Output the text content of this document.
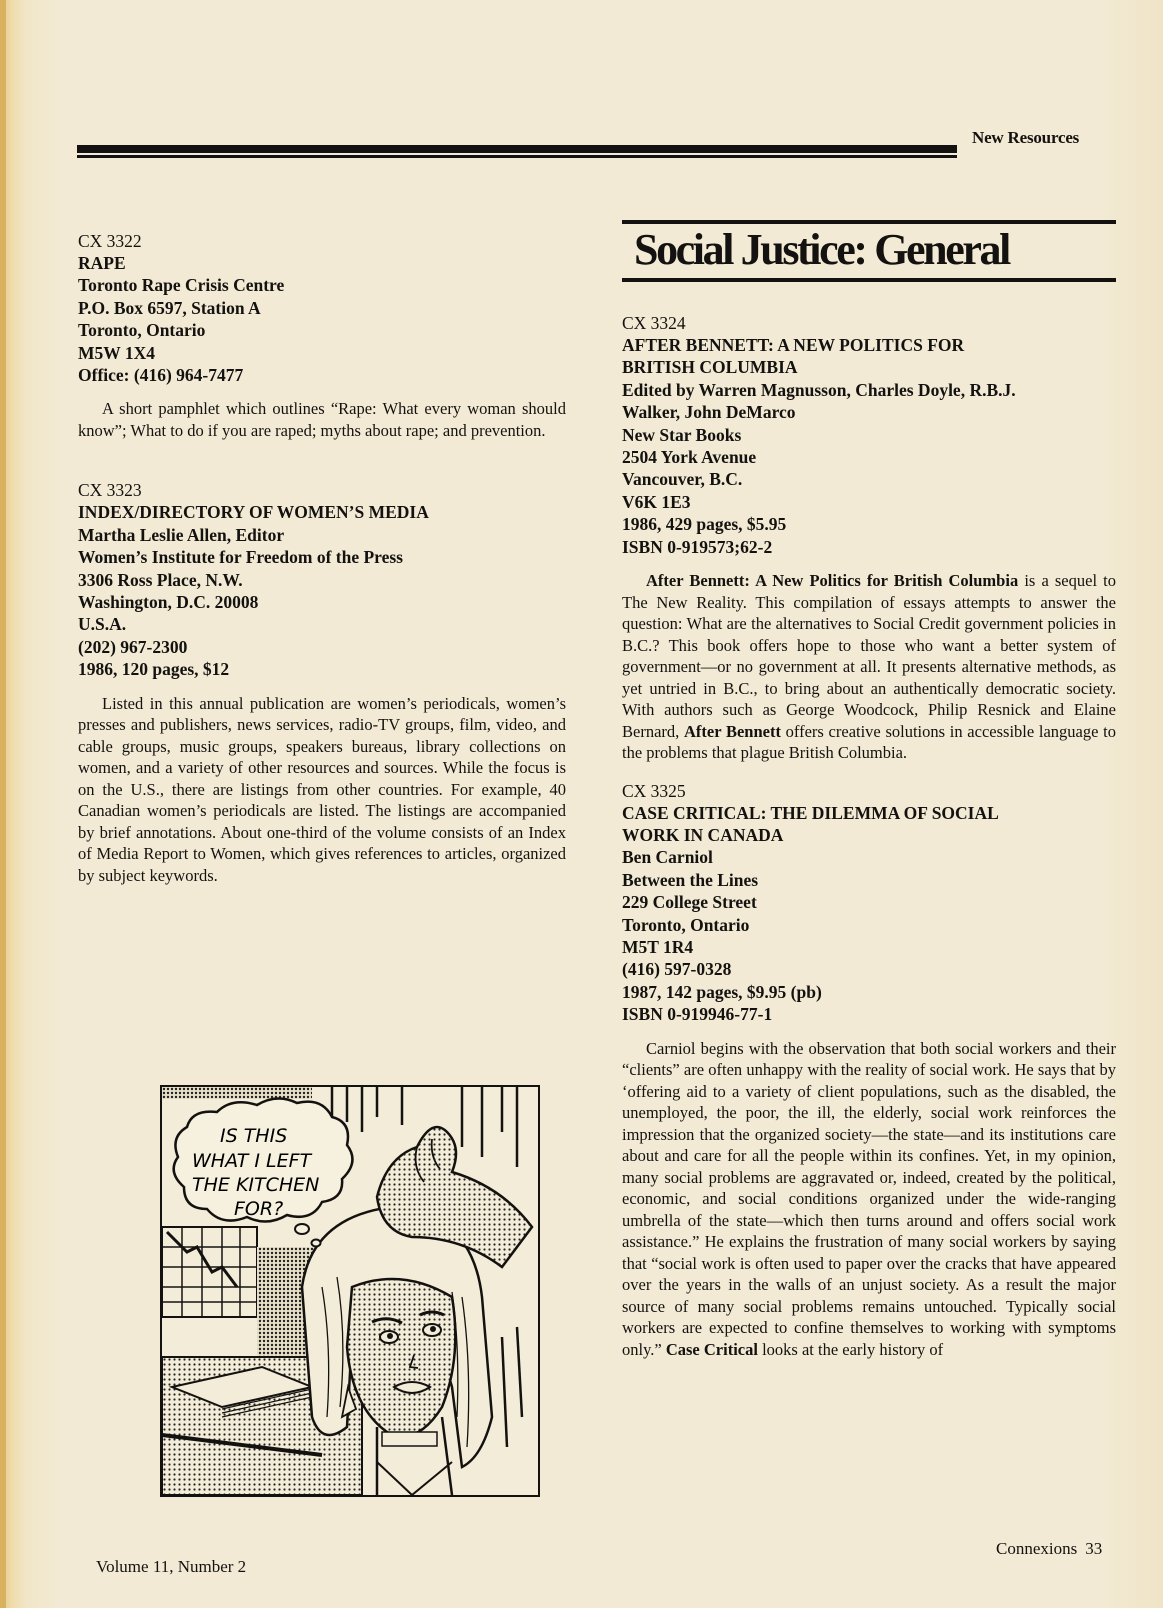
New Resources
CX 3322
RAPE
Toronto Rape Crisis Centre
P.O. Box 6597, Station A
Toronto, Ontario
M5W 1X4
Office: (416) 964-7477

A short pamphlet which outlines “Rape: What every woman should know”; What to do if you are raped; myths about rape; and prevention.

CX 3323
INDEX/DIRECTORY OF WOMEN’S MEDIA
Martha Leslie Allen, Editor
Women’s Institute for Freedom of the Press
3306 Ross Place, N.W.
Washington, D.C. 20008
U.S.A.
(202) 967-2300
1986, 120 pages, $12

Listed in this annual publication are women’s periodicals, women’s presses and publishers, news services, radio-TV groups, film, video, and cable groups, music groups, speakers bureaus, library collections on women, and a variety of other resources and sources. While the focus is on the U.S., there are listings from other countries. For example, 40 Canadian women’s periodicals are listed. The listings are accompanied by brief annotations. About one-third of the volume consists of an Index of Media Report to Women, which gives references to articles, organized by subject keywords.

IS THIS
WHAT I LEFT
THE KITCHEN
FOR?
Social Justice: General
CX 3324
AFTER BENNETT: A NEW POLITICS FOR
BRITISH COLUMBIA
Edited by Warren Magnusson, Charles Doyle, R.B.J.
Walker, John DeMarco
New Star Books
2504 York Avenue
Vancouver, B.C.
V6K 1E3
1986, 429 pages, $5.95
ISBN 0-919573;62-2

After Bennett: A New Politics for British Columbia is a sequel to The New Reality. This compilation of essays attempts to answer the question: What are the alternatives to Social Credit government policies in B.C.? This book offers hope to those who want a better system of government––or no government at all. It presents alternative methods, as yet untried in B.C., to bring about an authentically democratic society. With authors such as George Woodcock, Philip Resnick and Elaine Bernard, After Bennett offers creative solutions in accessible language to the problems that plague British Columbia.

CX 3325
CASE CRITICAL: THE DILEMMA OF SOCIAL
WORK IN CANADA
Ben Carniol
Between the Lines
229 College Street
Toronto, Ontario
M5T 1R4
(416) 597-0328
1987, 142 pages, $9.95 (pb)
ISBN 0-919946-77-1

Carniol begins with the observation that both social workers and their “clients” are often unhappy with the reality of social work. He says that by ‘offering aid to a variety of client populations, such as the disabled, the unemployed, the poor, the ill, the elderly, social work reinforces the impression that the organized society––the state––and its institutions care about and care for all the people within its confines. Yet, in my opinion, many social problems are aggravated or, indeed, created by the political, economic, and social conditions organized under the wide-ranging umbrella of the state––which then turns around and offers social work assistance.” He explains the frustration of many social workers by saying that “social work is often used to paper over the cracks that have appeared over the years in the walls of an unjust society. As a result the major source of many social problems remains untouched. Typically social workers are expected to confine themselves to working with symptoms only.” Case Critical looks at the early history of

Volume 11, Number 2
Connexions 33
